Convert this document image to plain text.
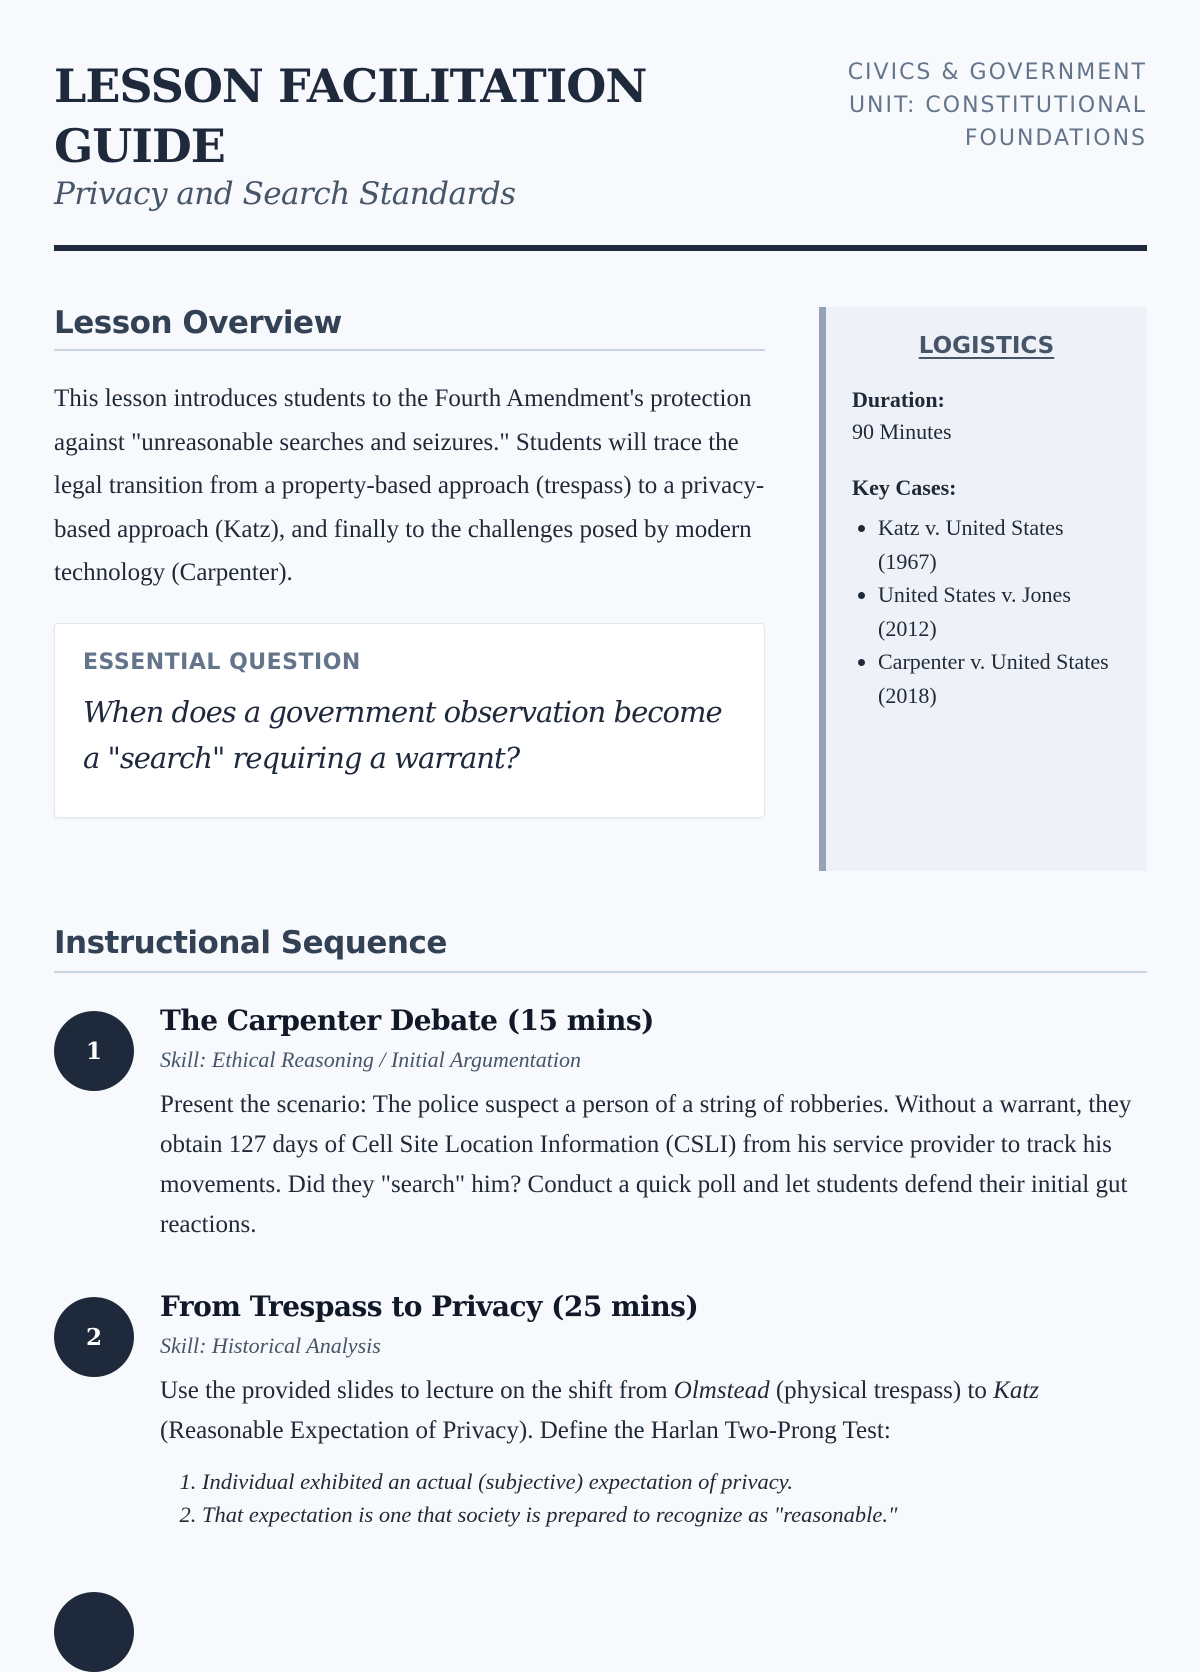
LESSON FACILITATION GUIDE
Privacy and Search Standards
CIVICS & GOVERNMENT
UNIT: CONSTITUTIONAL FOUNDATIONS
Lesson Overview

This lesson introduces students to the Fourth Amendment's protection against "unreasonable searches and seizures." Students will trace the legal transition from a property-based approach (trespass) to a privacy-based approach (Katz), and finally to the challenges posed by modern technology (Carpenter).

ESSENTIAL QUESTION
When does a government observation become a "search" requiring a warrant?
LOGISTICS
Duration:
90 Minutes
Key Cases:
• Katz v. United States (1967)
• United States v. Jones (2012)
• Carpenter v. United States (2018)
Instructional Sequence
1
The Carpenter Debate (15 mins)
Skill: Ethical Reasoning / Initial Argumentation
Present the scenario: The police suspect a person of a string of robberies. Without a warrant, they obtain 127 days of Cell Site Location Information (CSLI) from his service provider to track his movements. Did they "search" him? Conduct a quick poll and let students defend their initial gut reactions.
2
From Trespass to Privacy (25 mins)
Skill: Historical Analysis
Use the provided slides to lecture on the shift from Olmstead (physical trespass) to Katz (Reasonable Expectation of Privacy). Define the Harlan Two-Prong Test:
1. Individual exhibited an actual (subjective) expectation of privacy.
2. That expectation is one that society is prepared to recognize as "reasonable."
